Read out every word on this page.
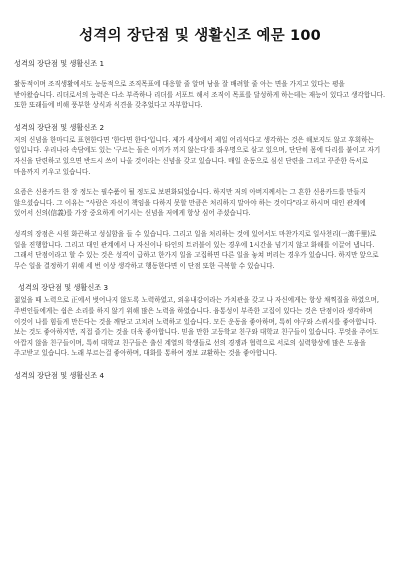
성격의 장단점 및 생활신조 예문 100
성격의 장단점 및 생활신조 1

활동적이며 조직생활에서도 능동적으로 조직목표에 대응할 줄 알며 남을 잘 배려할 줄 아는 면을 가지고 있다는 평을 받아왔습니다. 리더로서의 능력은 다소 부족하나 리더를 서포트 해서 조직이 목표를 달성하게 하는데는 재능이 있다고 생각합니다. 또한 또래들에 비해 풍부한 상식과 식견을 갖추었다고 자부합니다.

성격의 장단점 및 생활신조 2

저의 신념을 한마디로 표현한다면 '한다면 한다'입니다. 제가 세상에서 제일 어리석다고 생각하는 것은 해보지도 않고 후회하는 일입니다. 우리나라 속담에도 있는 '구르는 돌은 이끼가 끼지 않는다'를 좌우명으로 삼고 있으며, 단단히 몸에 다리를 붙이고 자기 자신을 단련하고 있으면 반드시 쓰이 나올 것이라는 신념을 갖고 있습니다. 매일 운동으로 심신 단련을 그리고 꾸준한 독서로 마음까지 키우고 있습니다.

요즘은 신용카드 한 장 정도는 필수품이 될 정도로 보편화되었습니다. 하지만 저의 아버지께서는 그 흔한 신용카드를 만들지 않으셨습니다. 그 이유는 "사람은 자신이 책임을 다하지 못할 만큼은 처리하지 말아야 하는 것이다"라고 하시며 대인 관계에 있어서 신의(信義)를 가장 중요하게 여기시는 신념을 저에게 항상 심어 주셨습니다.

성격의 장점은 시원 화끈하고 성실함을 들 수 있습니다. 그리고 일을 처리하는 것에 있어서도 마찬가지로 일사천리(一瀉千里)로 일을 진행합니다. 그리고 대인 관계에서 나 자신이나 타인의 트러블이 있는 경우에 1시간을 넘기지 않고 화해를 이끌어 냅니다. 그래서 단점이라고 할 수 있는 것은 성격이 급하고 한가지 일을 고집하면 다른 일을 놓쳐 버리는 경우가 있습니다. 하지만 앞으로 무슨 일을 결정하기 위해 세 번 이상 생각하고 행동한다면 이 단점 또한 극복할 수 있습니다.

성격의 장단점 및 생활신조 3

젊었을 때 노력으로 正에서 벗어나지 않도록 노력하였고, 외유내강이라는 가치관을 갖고 나 자신에게는 항상 채찍질을 하였으며, 주변인들에게는 쉽은 소리를 하지 않기 위해 많은 노력을 하였습니다. 융통성이 부족한 고집이 있다는 것은 단점이라 생각하며 이것이 나를 힘들게 만든다는 것을 깨닫고 고치려 노력하고 있습니다. 모든 운동을 좋아하며, 특히 야구와 스쿼시를 좋아합니다. 보는 것도 좋아하지만, 직접 즐기는 것을 더욱 좋아합니다. 믿을 만한 고등학교 친구와 대학교 친구들이 있습니다. 무엇을 주어도 아깝지 않을 친구들이며, 특히 대학교 친구들은 출신 계열의 학생들로 선의 경쟁과 협력으로 서로의 실력향상에 많은 도움을 주고받고 있습니다. 노래 부르는걸 좋아하며, 대화를 통하여 정보 교환하는 것을 좋아합니다.

성격의 장단점 및 생활신조 4
